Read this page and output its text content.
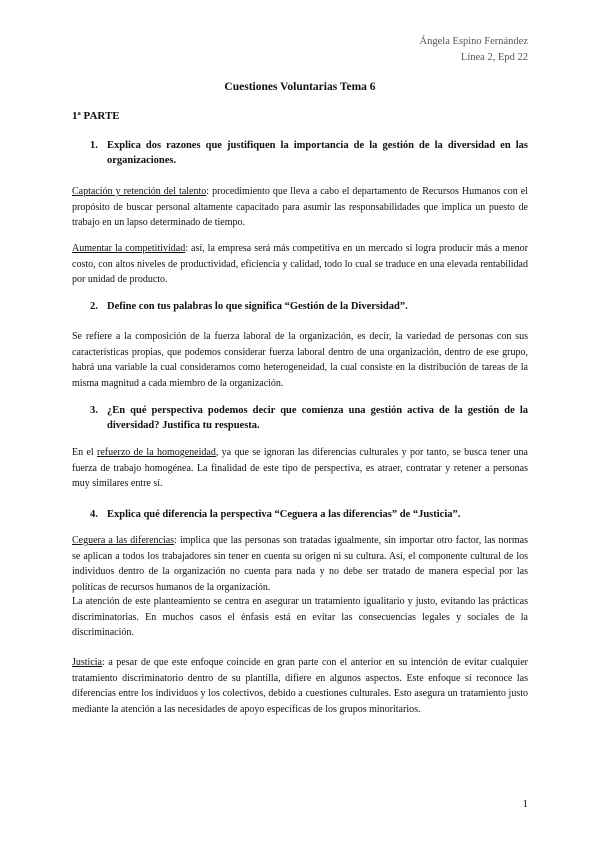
Ángela Espino Fernández
Línea 2, Epd 22
Cuestiones Voluntarias Tema 6
1ª PARTE
1. Explica dos razones que justifiquen la importancia de la gestión de la diversidad en las organizaciones.
Captación y retención del talento: procedimiento que lleva a cabo el departamento de Recursos Humanos con el propósito de buscar personal altamente capacitado para asumir las responsabilidades que implica un puesto de trabajo en un lapso determinado de tiempo.
Aumentar la competitividad: así, la empresa será más competitiva en un mercado si logra producir más a menor costo, con altos niveles de productividad, eficiencia y calidad, todo lo cual se traduce en una elevada rentabilidad por unidad de producto.
2. Define con tus palabras lo que significa “Gestión de la Diversidad”.
Se refiere a la composición de la fuerza laboral de la organización, es decir, la variedad de personas con sus características propias, que podemos considerar fuerza laboral dentro de una organización, dentro de ese grupo, habrá una variable la cual consideramos como heterogeneidad, la cual consiste en la distribución de tareas de la misma magnitud a cada miembro de la organización.
3. ¿En qué perspectiva podemos decir que comienza una gestión activa de la gestión de la diversidad? Justifica tu respuesta.
En el refuerzo de la homogeneidad, ya que se ignoran las diferencias culturales y por tanto, se busca tener una fuerza de trabajo homogénea. La finalidad de este tipo de perspectiva, es atraer, contratar y retener a personas muy similares entre sí.
4. Explica qué diferencia la perspectiva “Ceguera a las diferencias” de “Justicia”.
Ceguera a las diferencias: implica que las personas son tratadas igualmente, sin importar otro factor, las normas se aplican a todos los trabajadores sin tener en cuenta su origen ni su cultura. Así, el componente cultural de los individuos dentro de la organización no cuenta para nada y no debe ser tratado de manera especial por las políticas de recursos humanos de la organización.
La atención de este planteamiento se centra en asegurar un tratamiento igualitario y justo, evitando las prácticas discriminatorias. En muchos casos el énfasis está en evitar las consecuencias legales y sociales de la discriminación.
Justicia: a pesar de que este enfoque coincide en gran parte con el anterior en su intención de evitar cualquier tratamiento discriminatorio dentro de su plantilla, difiere en algunos aspectos. Este enfoque sí reconoce las diferencias entre los individuos y los colectivos, debido a cuestiones culturales. Esto asegura un tratamiento justo mediante la atención a las necesidades de apoyo específicas de los grupos minoritarios.
1
